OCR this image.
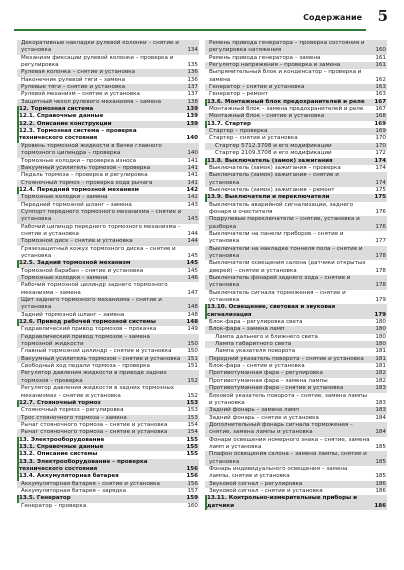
Содержание 5
Декоративные накладки рулевой колонки – снятие и установка	134
Механизм фиксации рулевой колонки – проверка и регулировка	135
Рулевая колонка – снятие и установка	136
Наконечник рулевой тяги – замена	136
Рулевые тяги – снятие и установка	137
Рулевой механизм – снятие и установка	137
Защитный чехол рулевого механизма – замена	138
12. Тормозная система	139
12.1. Справочные данные	139
12.2. Описание конструкции	139
12.3. Тормозная система – проверка технического состояния	140
Уровень тормозной жидкости в бачке главного тормозного цилиндра – проверка	140
Тормозные колодки – проверка износа	141
Вакуумный усилитель тормозов – проверка	141
Педаль тормоза – проверка и регулировка	141
Стояночный тормоз – проверка хода рычага	141
12.4. Передний тормозной механизм	142
Тормозные колодки – замена	142
Передний тормозной шланг – замена	143
Суппорт переднего тормозного механизма – снятие и установка	143
Рабочий цилиндр переднего тормозного механизма – снятие и установка	144
Тормозной диск – снятие и установка	144
Грязезащитный кожух тормозного диска – снятие и установка	145
12.5. Задний тормозной механизм	145
Тормозной барабан – снятие и установка	145
Тормозные колодки – замена	146
Рабочий тормозной цилиндр заднего тормозного механизма – замена	147
Щит заднего тормозного механизма – снятие и установка	148
Задний тормозной шланг – замена	148
12.6. Привод рабочей тормозной системы	148
Гидравлический привод тормозов – прокачка	149
Гидравлический привод тормозов – замена тормозной жидкости	150
Главный тормозной цилиндр – снятие и установка	150
Вакуумный усилитель тормозов – снятие и установка	151
Свободный ход педали тормоза – проверка	151
Регулятор давления жидкости в приводе задних тормозов – проверка	152
Регулятор давления жидкости в задних тормозных механизмах – снятие и установка	152
12.7. Стояночный тормоз	153
Стояночный тормоз – регулировка	153
Трос стояночного тормоза – замена	153
Рычаг стояночного тормоза – снятие и установка	154
Рычаг стояночного тормоза – снятие и установка	154
13. Электрооборудование	155
13.1. Справочные данные	155
13.2. Описание системы	155
13.3. Электрооборудование – проверка технического состояния	156
13.4. Аккумуляторная батарея	156
Аккумуляторная батарея – снятие и установка	156
Аккумуляторная батарея – зарядка	157
13.5. Генератор	159
Генератор – проверка	160
Ремень привода генератора – проверка состояния и регулировка натяжения	160
Ремень привода генератора – замена	161
Регулятор напряжения – проверка и замена	161
Выпрямительный блок и конденсатор – проверка и замена	162
Генератор – снятие и установка	163
Генератор – ремонт	163
13.6. Монтажный блок предохранителей и реле	167
Монтажный блок – замена предохранителей и реле	167
Монтажный блок – снятие и установка	168
13.7. Стартер	169
Стартер – проверка	169
Стартер – снятие и установка	170
Стартер 5712.3708 и его модификации	170
Стартер 2109.3708 и его модификации	172
13.8. Выключатель (замок) зажигания	174
Выключатель (замок) зажигания – проверка	174
Выключатель (замок) зажигания – снятие и установка	174
Выключатель (замок) зажигания – ремонт	175
13.9. Выключатели и переключатели	175
Выключатель аварийной сигнализации, заднего фонаря и очистителя	176
Подрулевые переключатели – снятие, установка и разборка	176
Выключатели на панели приборов – снятие и установка	177
Выключатели на накладке тоннеля пола – снятие и установка	178
Выключатели освещения салона (датчики открытых дверей) – снятие и установка	178
Выключатель фонарей заднего хода – снятие и установка	178
Выключатель сигнала торможения – снятие и установка	179
13.10. Освещение, световая и звуковая сигнализация	179
Блок-фара – регулировка света	180
Блок-фара – замена ламп	180
Лампа дальнего и ближнего света	180
Лампа габаритного света	180
Лампа указателя поворота	181
Передний указатель поворота – снятие и установка	181
Блок-фара – снятие и установка	181
Противотуманная фара – регулировка	182
Противотуманная фара – замена лампы	182
Противотуманная фара – снятие и установка	183
Боковой указатель поворота – снятие, замена лампы и установка	183
Задний фонарь – замена ламп	183
Задний фонарь – снятие и установка	184
Дополнительный фонарь сигнала торможения – снятие, замена лампы и установка	184
Фонари освещения номерного знака – снятие, замена ламп и установка	185
Плафон освещения салона – замена лампы, снятие и установка	185
Фонарь индивидуального освещения – замена лампы, снятие и установка	185
Звуковой сигнал – регулировка	186
Звуковой сигнал – снятие и установка	186
13.11. Контрольно-измерительные приборы и датчики	186
